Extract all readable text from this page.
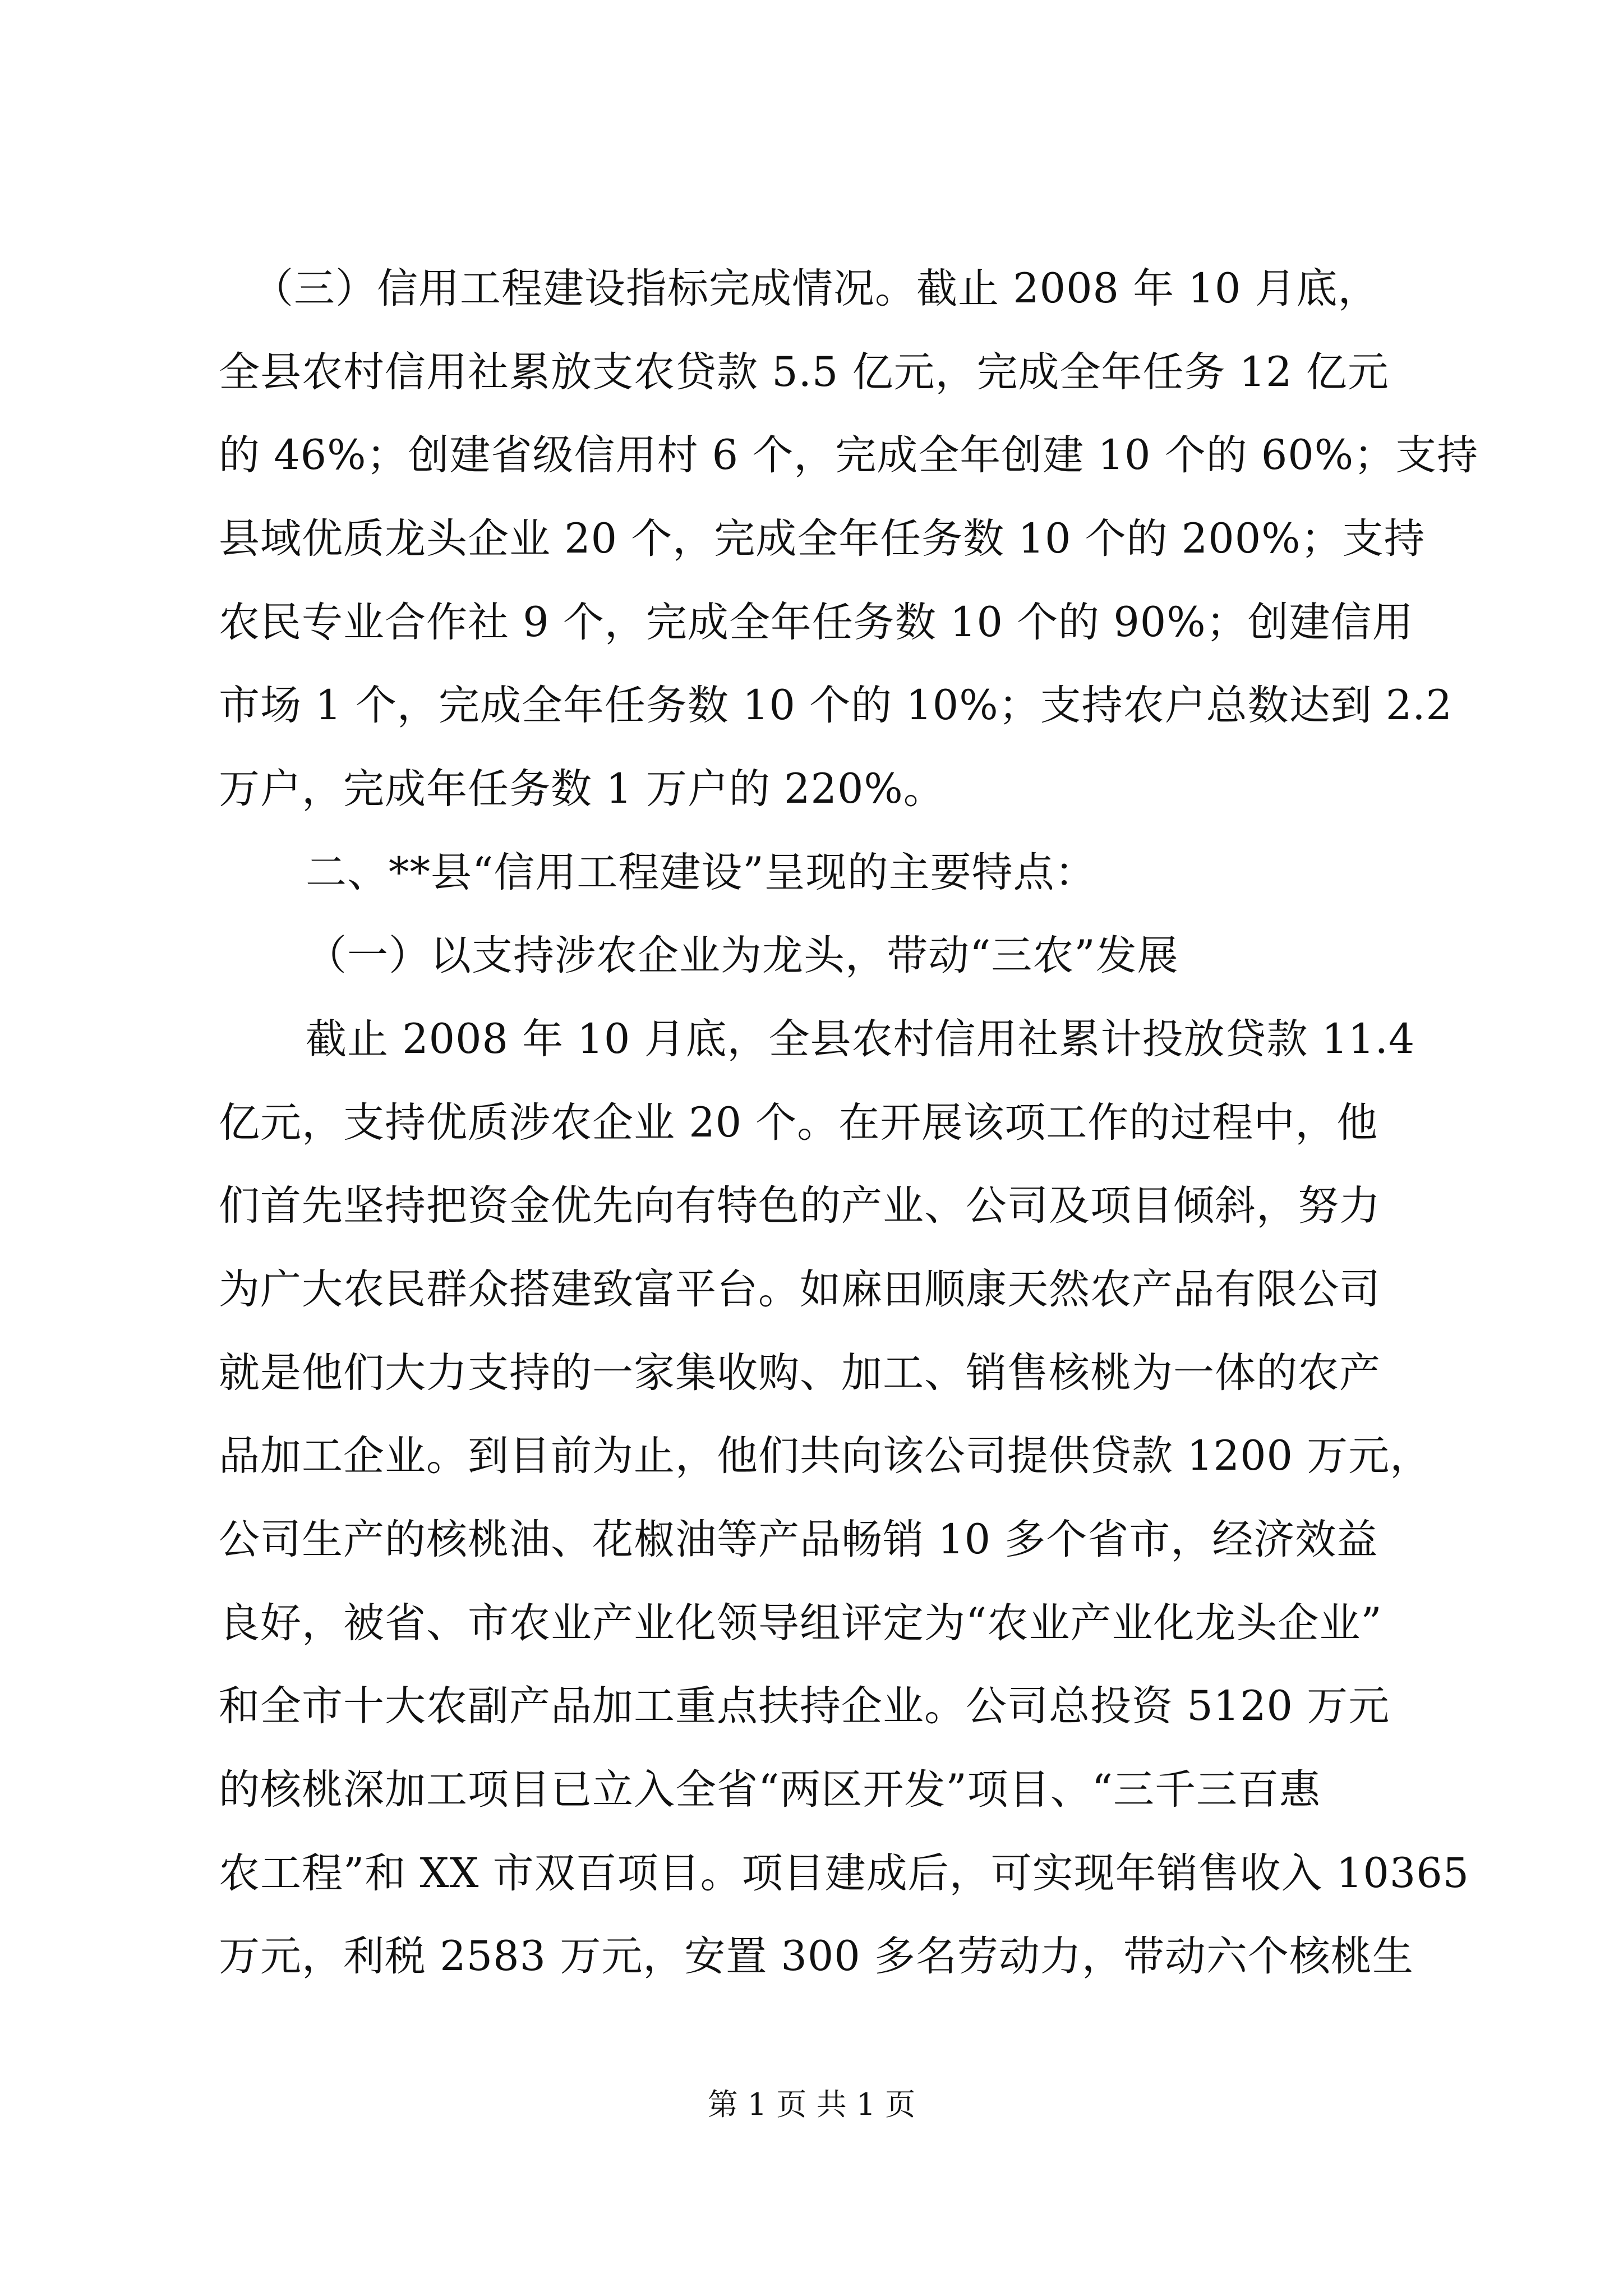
（三）信用工程建设指标完成情况。截止 2008 年 10 月底，
全县农村信用社累放支农贷款 5.5 亿元，完成全年任务 12 亿元
的 46%；创建省级信用村 6 个，完成全年创建 10 个的 60%；支持
县域优质龙头企业 20 个，完成全年任务数 10 个的 200%；支持
农民专业合作社 9 个，完成全年任务数 10 个的 90%；创建信用
市场 1 个，完成全年任务数 10 个的 10%；支持农户总数达到 2.2
万户，完成年任务数 1 万户的 220%。
二、**县“信用工程建设”呈现的主要特点：
（一）以支持涉农企业为龙头，带动“三农”发展
截止 2008 年 10 月底，全县农村信用社累计投放贷款 11.4
亿元，支持优质涉农企业 20 个。在开展该项工作的过程中，他
们首先坚持把资金优先向有特色的产业、公司及项目倾斜，努力
为广大农民群众搭建致富平台。如麻田顺康天然农产品有限公司
就是他们大力支持的一家集收购、加工、销售核桃为一体的农产
品加工企业。到目前为止，他们共向该公司提供贷款 1200 万元，
公司生产的核桃油、花椒油等产品畅销 10 多个省市，经济效益
良好，被省、市农业产业化领导组评定为“农业产业化龙头企业”
和全市十大农副产品加工重点扶持企业。公司总投资 5120 万元
的核桃深加工项目已立入全省“两区开发”项目、“三千三百惠
农工程”和 XX 市双百项目。项目建成后，可实现年销售收入 10365
万元，利税 2583 万元，安置 300 多名劳动力，带动六个核桃生
第 1 页 共 1 页
